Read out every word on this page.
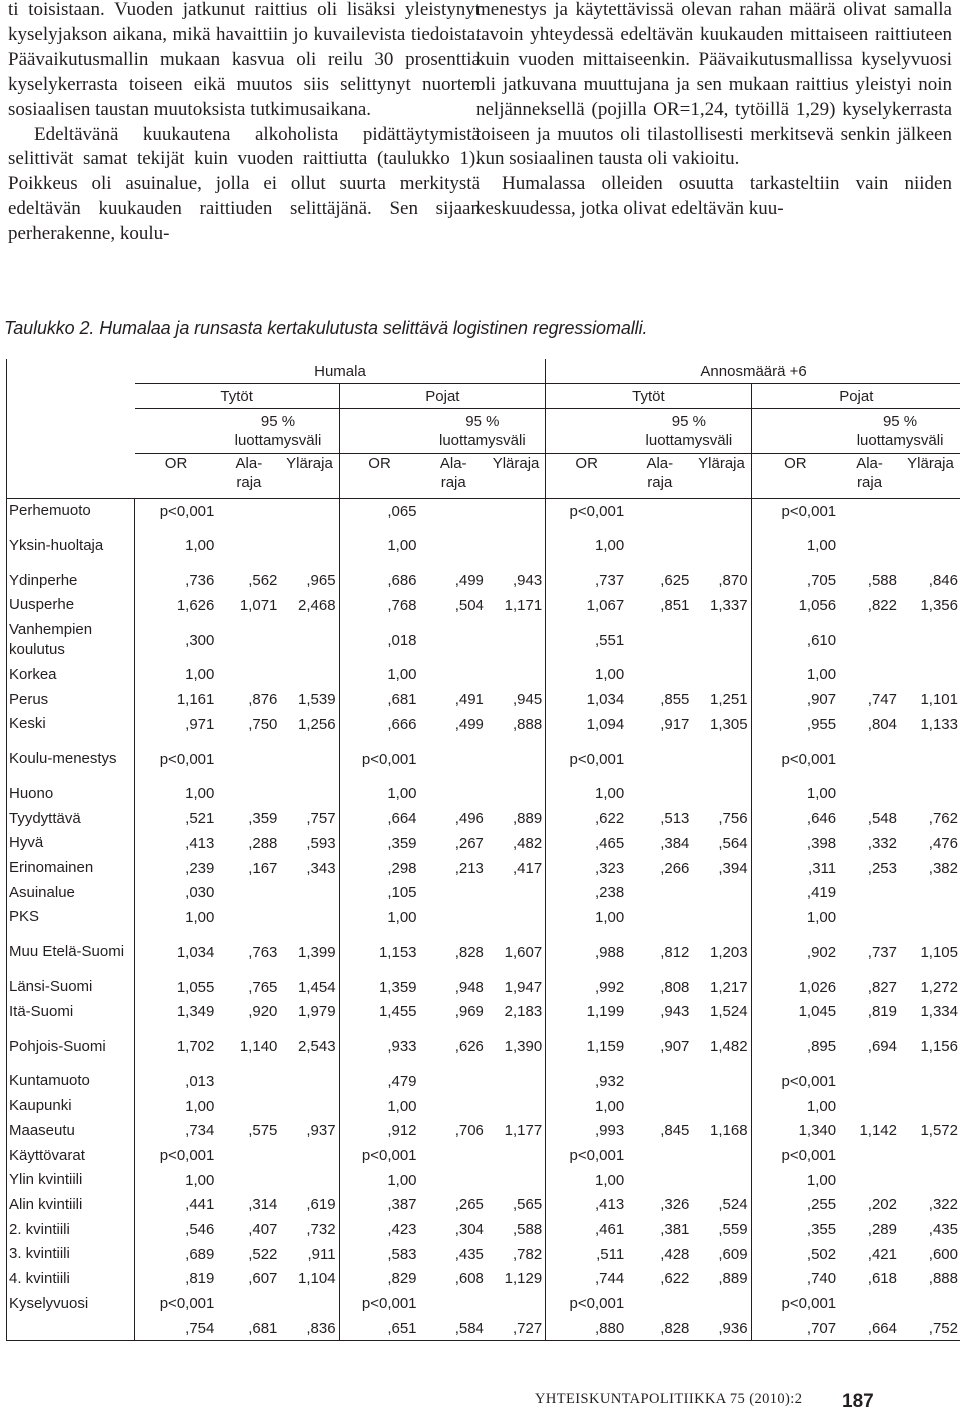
ti toisistaan. Vuoden jatkunut raittius oli lisäksi yleistynyt kyselyjakson aikana, mikä havaittiin jo kuvailevista tiedoista. Päävaikutusmallin mukaan kasvua oli reilu 30 prosenttia kyselykerrasta toiseen eikä muutos siis selittynyt nuorten sosiaalisen taustan muutoksista tutkimusaikana.

Edeltävänä kuukautena alkoholista pidättäytymistä selittivät samat tekijät kuin vuoden raittiutta (taulukko 1). Poikkeus oli asuinalue, jolla ei ollut suurta merkitystä edeltävän kuukauden raittiuden selittäjänä. Sen sijaan perherakenne, koulu-

menestys ja käytettävissä olevan rahan määrä olivat samalla tavoin yhteydessä edeltävän kuukauden mittaiseen raittiuteen kuin vuoden mittaiseenkin. Päävaikutusmallissa kyselyvuosi oli jatkuvana muuttujana ja sen mukaan raittius yleistyi noin neljänneksellä (pojilla OR=1,24, tytöillä 1,29) kyselykerrasta toiseen ja muutos oli tilastollisesti merkitsevä senkin jälkeen kun sosiaalinen tausta oli vakioitu.

Humalassa olleiden osuutta tarkasteltiin vain niiden keskuudessa, jotka olivat edeltävän kuu-

Taulukko 2. Humalaa ja runsasta kertakulutusta selittävä logistinen regressiomalli.
	Humala						Annosmäärä +6					
	Tytöt			Pojat			Tytöt			Pojat		
		95 %
luottamysväli			95 %
luottamysväli			95 %
luottamysväli			95 %
luottamysväli	
	OR	Ala-
raja	Yläraja	OR	Ala-
raja	Yläraja	OR	Ala-
raja	Yläraja	OR	Ala-
raja	Yläraja
Perhemuoto	p<0,001			,065			p<0,001			p<0,001		
Yksin-huoltaja	1,00			1,00			1,00			1,00		
Ydinperhe	,736	,562	,965	,686	,499	,943	,737	,625	,870	,705	,588	,846
Uusperhe	1,626	1,071	2,468	,768	,504	1,171	1,067	,851	1,337	1,056	,822	1,356
Vanhempien koulutus	,300			,018			,551			,610		
Korkea	1,00			1,00			1,00			1,00		
Perus	1,161	,876	1,539	,681	,491	,945	1,034	,855	1,251	,907	,747	1,101
Keski	,971	,750	1,256	,666	,499	,888	1,094	,917	1,305	,955	,804	1,133
Koulu-menestys	p<0,001			p<0,001			p<0,001			p<0,001		
Huono	1,00			1,00			1,00			1,00		
Tyydyttävä	,521	,359	,757	,664	,496	,889	,622	,513	,756	,646	,548	,762
Hyvä	,413	,288	,593	,359	,267	,482	,465	,384	,564	,398	,332	,476
Erinomainen	,239	,167	,343	,298	,213	,417	,323	,266	,394	,311	,253	,382
Asuinalue	,030			,105			,238			,419		
PKS	1,00			1,00			1,00			1,00		
Muu Etelä-Suomi	1,034	,763	1,399	1,153	,828	1,607	,988	,812	1,203	,902	,737	1,105
Länsi-Suomi	1,055	,765	1,454	1,359	,948	1,947	,992	,808	1,217	1,026	,827	1,272
Itä-Suomi	1,349	,920	1,979	1,455	,969	2,183	1,199	,943	1,524	1,045	,819	1,334
Pohjois-Suomi	1,702	1,140	2,543	,933	,626	1,390	1,159	,907	1,482	,895	,694	1,156
Kuntamuoto	,013			,479			,932			p<0,001		
Kaupunki	1,00			1,00			1,00			1,00		
Maaseutu	,734	,575	,937	,912	,706	1,177	,993	,845	1,168	1,340	1,142	1,572
Käyttövarat	p<0,001			p<0,001			p<0,001			p<0,001		
Ylin kvintiili	1,00			1,00			1,00			1,00		
Alin kvintiili	,441	,314	,619	,387	,265	,565	,413	,326	,524	,255	,202	,322
2. kvintiili	,546	,407	,732	,423	,304	,588	,461	,381	,559	,355	,289	,435
3. kvintiili	,689	,522	,911	,583	,435	,782	,511	,428	,609	,502	,421	,600
4. kvintiili	,819	,607	1,104	,829	,608	1,129	,744	,622	,889	,740	,618	,888
Kyselyvuosi	p<0,001			p<0,001			p<0,001			p<0,001		
	,754	,681	,836	,651	,584	,727	,880	,828	,936	,707	,664	,752
YHTEISKUNTAPOLITIIKKA 75 (2010):2 187
